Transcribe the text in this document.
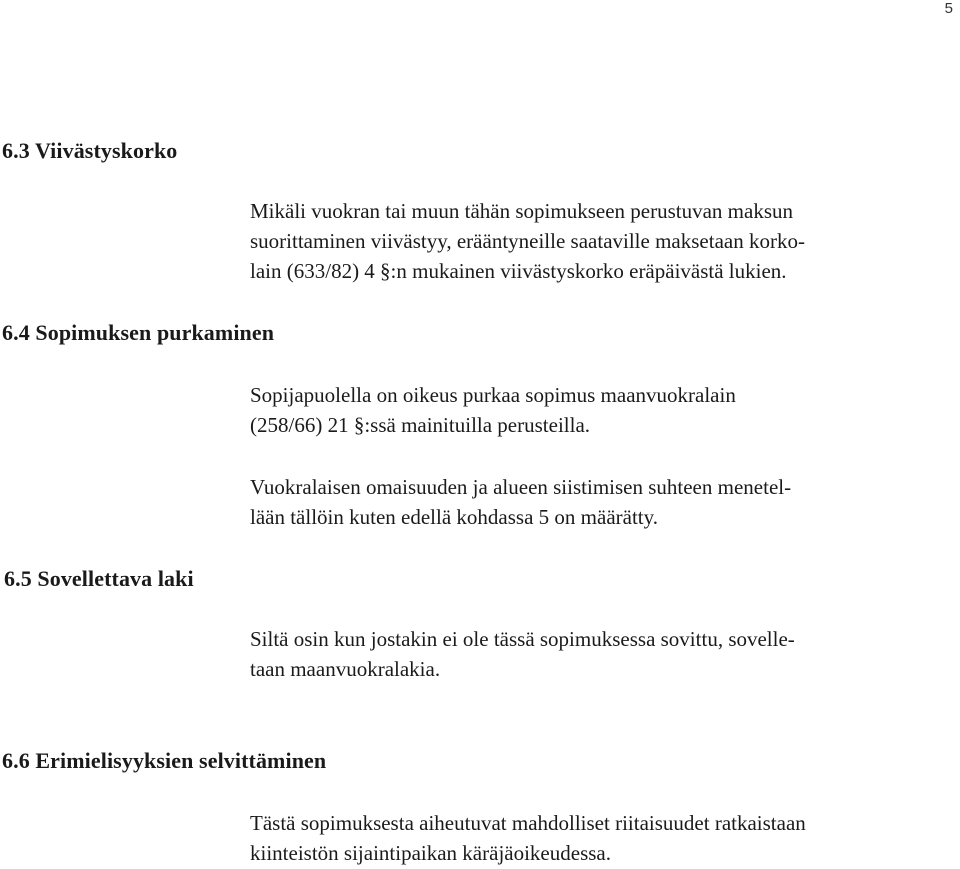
5
6.3 Viivästyskorko
Mikäli vuokran tai muun tähän sopimukseen perustuvan maksun
suorittaminen viivästyy, erääntyneille saataville maksetaan korko-
lain (633/82) 4 §:n mukainen viivästyskorko eräpäivästä lukien.
6.4 Sopimuksen purkaminen
Sopijapuolella on oikeus purkaa sopimus maanvuokralain
(258/66) 21 §:ssä mainituilla perusteilla.
Vuokralaisen omaisuuden ja alueen siistimisen suhteen menetel-
lään tällöin kuten edellä kohdassa 5 on määrätty.
6.5 Sovellettava laki
Siltä osin kun jostakin ei ole tässä sopimuksessa sovittu, sovelle-
taan maanvuokralakia.
6.6 Erimielisyyksien selvittäminen
Tästä sopimuksesta aiheutuvat mahdolliset riitaisuudet ratkaistaan
kiinteistön sijaintipaikan käräjäoikeudessa.
